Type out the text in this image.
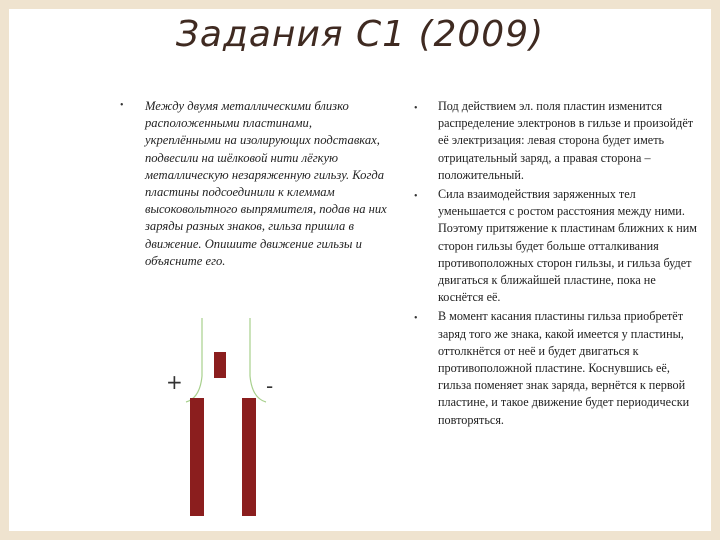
Задания С1 (2009)
•	Между двумя металлическими близко расположенными пластинами, укреплёнными на изолирующих подставках, подвесили на шёлковой нити лёгкую металлическую незаряженную гильзу. Когда пластины подсоединили к клеммам высоковольтного выпрямителя, подав на них заряды разных знаков, гильза пришла в движение. Опишите движение гильзы и объясните его.

+	-
• Под действием эл. поля пластин изменится распределение электронов в гильзе и произойдёт её электризация: левая сторона будет иметь отрицательный заряд, а правая сторона – положительный.

• Сила взаимодействия заряженных тел уменьшается с ростом расстояния между ними. Поэтому притяжение к пластинам ближних к ним сторон гильзы будет больше отталкивания противоположных сторон гильзы, и гильза будет двигаться к ближайшей пластине, пока не коснётся её.

• В момент касания пластины гильза приобретёт заряд того же знака, какой имеется у пластины, оттолкнётся от неё и будет двигаться к противоположной пластине. Коснувшись её, гильза поменяет знак заряда, вернётся к первой пластине, и такое движение будет периодически повторяться.
